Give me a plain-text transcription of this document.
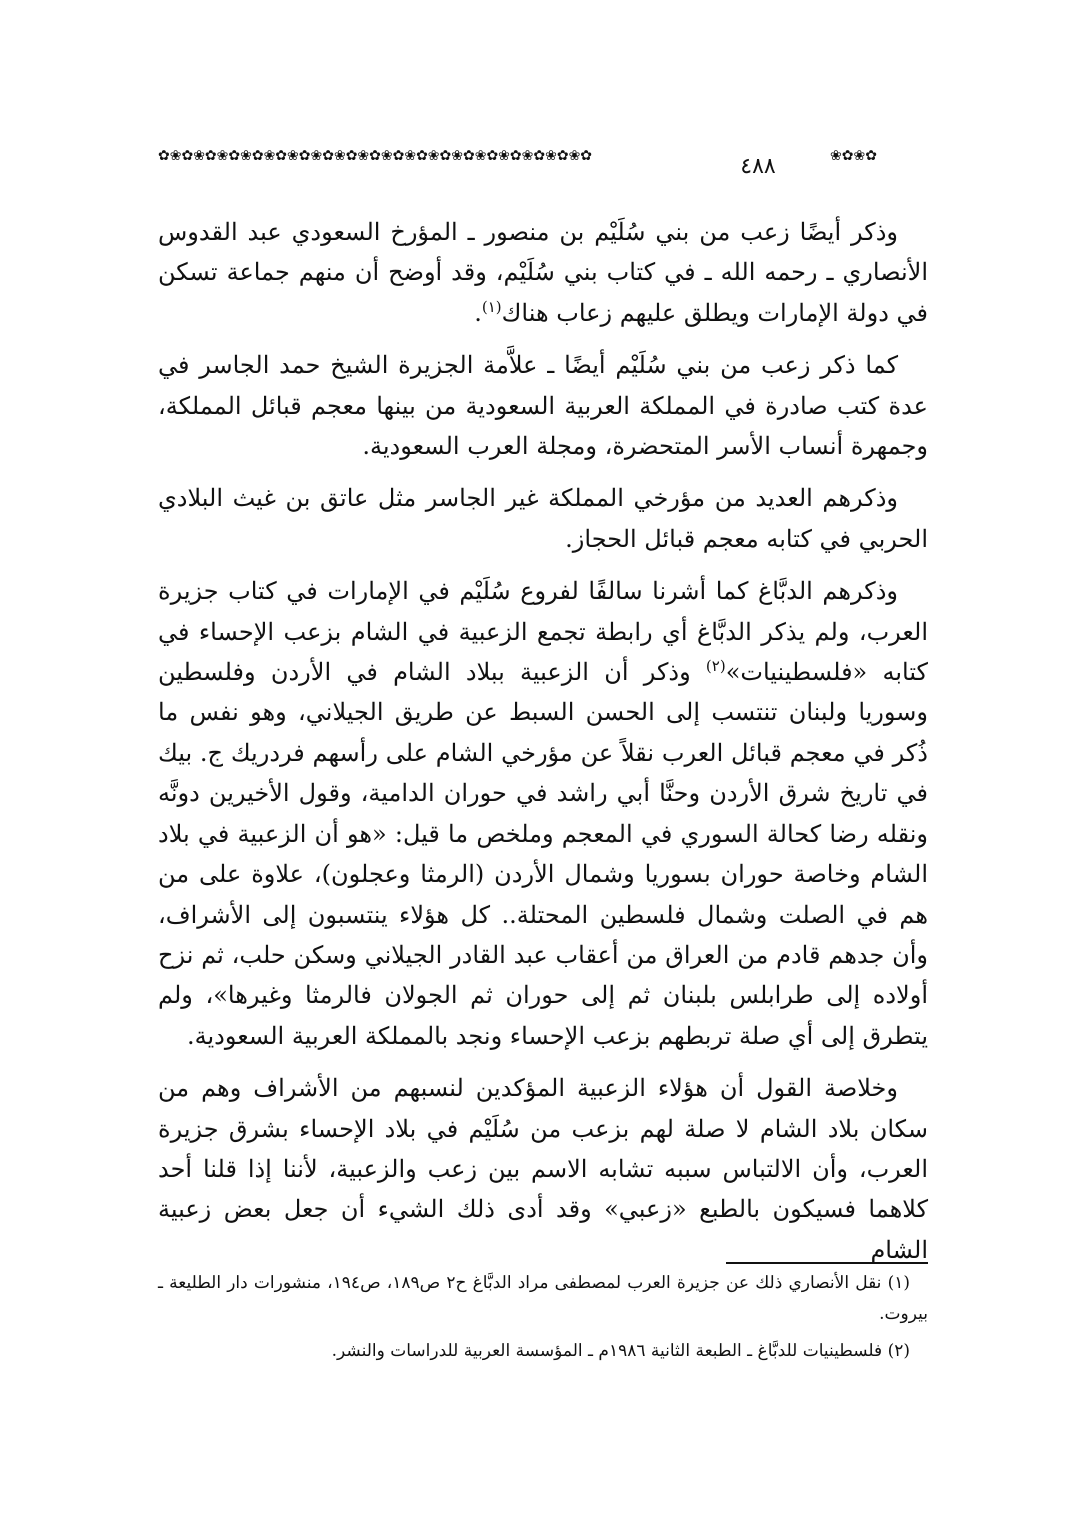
✿❀✿❀✿❀✿❀✿❀✿❀✿❀✿❀✿❀✿❀✿❀✿❀✿❀✿❀✿❀✿❀✿❀✿❀✿	٤٨٨	❀✿❀✿

وذكر أيضًا زعب من بني سُلَيْم بن منصور ـ المؤرخ السعودي عبد القدوس الأنصاري ـ رحمه الله ـ في كتاب بني سُلَيْم، وقد أوضح أن منهم جماعة تسكن في دولة الإمارات ويطلق عليهم زعاب هناك$^{(١)}$.

كما ذكر زعب من بني سُلَيْم أيضًا ـ علاَّمة الجزيرة الشيخ حمد الجاسر في عدة كتب صادرة في المملكة العربية السعودية من بينها معجم قبائل المملكة، وجمهرة أنساب الأسر المتحضرة، ومجلة العرب السعودية.

وذكرهم العديد من مؤرخي المملكة غير الجاسر مثل عاتق بن غيث البلادي الحربي في كتابه معجم قبائل الحجاز.

وذكرهم الدبَّاغ كما أشرنا سالفًا لفروع سُلَيْم في الإمارات في كتاب جزيرة العرب، ولم يذكر الدبَّاغ أي رابطة تجمع الزعبية في الشام بزعب الإحساء في كتابه «فلسطينيات»$^{(٢)}$ وذكر أن الزعبية ببلاد الشام في الأردن وفلسطين وسوريا ولبنان تنتسب إلى الحسن السبط عن طريق الجيلاني، وهو نفس ما ذُكر في معجم قبائل العرب نقلاً عن مؤرخي الشام على رأسهم فردريك ج. بيك في تاريخ شرق الأردن وحنَّا أبي راشد في حوران الدامية، وقول الأخيرين دونَّه ونقله رضا كحالة السوري في المعجم وملخص ما قيل: «هو أن الزعبية في بلاد الشام وخاصة حوران بسوريا وشمال الأردن (الرمثا وعجلون)، علاوة على من هم في الصلت وشمال فلسطين المحتلة.. كل هؤلاء ينتسبون إلى الأشراف، وأن جدهم قادم من العراق من أعقاب عبد القادر الجيلاني وسكن حلب، ثم نزح أولاده إلى طرابلس بلبنان ثم إلى حوران ثم الجولان فالرمثا وغيرها»، ولم يتطرق إلى أي صلة تربطهم بزعب الإحساء ونجد بالمملكة العربية السعودية.

وخلاصة القول أن هؤلاء الزعبية المؤكدين لنسبهم من الأشراف وهم من سكان بلاد الشام لا صلة لهم بزعب من سُلَيْم في بلاد الإحساء بشرق جزيرة العرب، وأن الالتباس سببه تشابه الاسم بين زعب والزعبية، لأننا إذا قلنا أحد كلاهما فسيكون بالطبع «زعبي» وقد أدى ذلك الشيء أن جعل بعض زعبية الشام

(١) نقل الأنصاري ذلك عن جزيرة العرب لمصطفى مراد الدبَّاغ ح٢ ص١٨٩، ص١٩٤، منشورات دار الطليعة ـ بيروت.

(٢) فلسطينيات للدبَّاغ ـ الطبعة الثانية ١٩٨٦م ـ المؤسسة العربية للدراسات والنشر.
